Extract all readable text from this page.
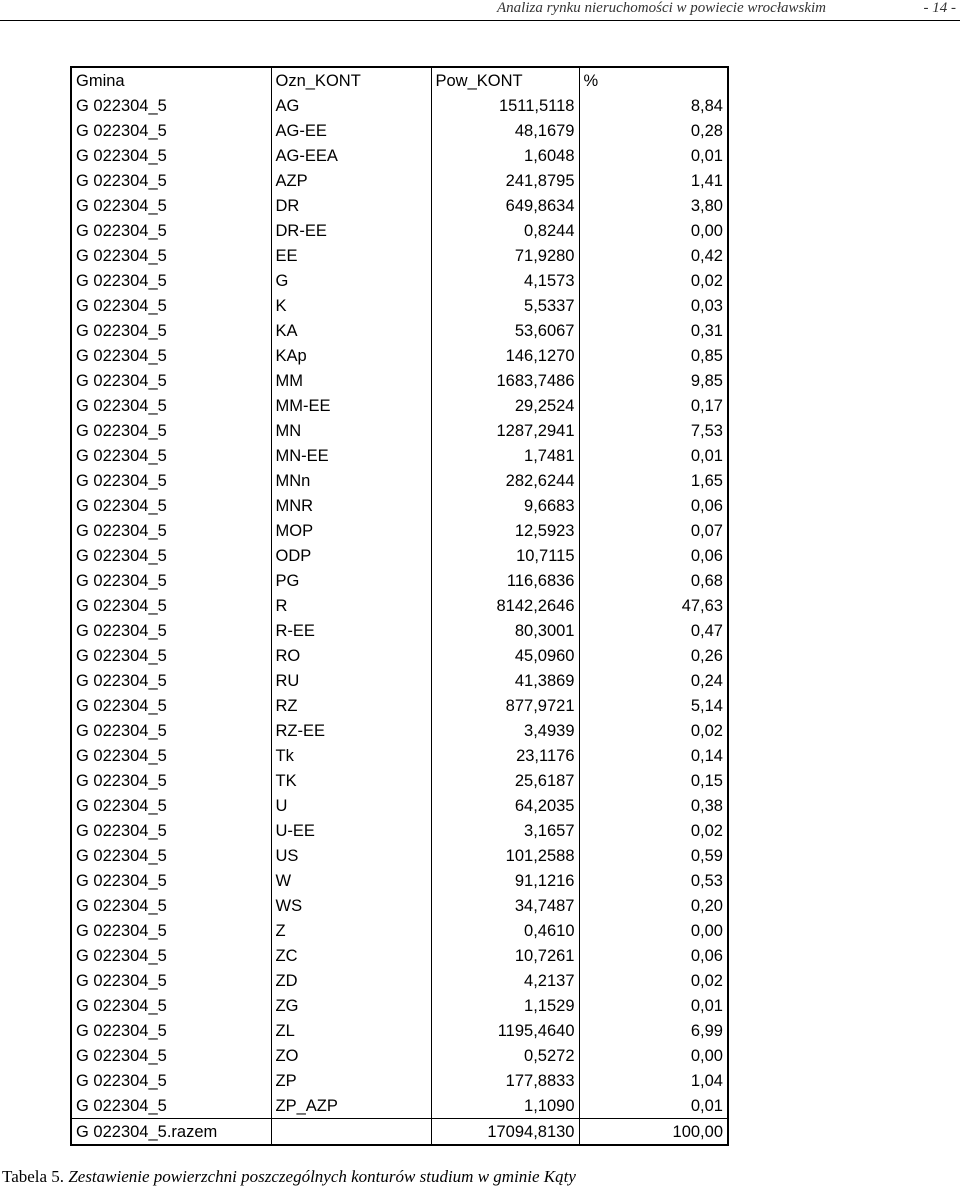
Analiza rynku nieruchomości w powiecie wrocławskim	- 14 -
Gmina	Ozn_KONT	Pow_KONT	%
G 022304_5	AG	1511,5118	8,84
G 022304_5	AG-EE	48,1679	0,28
G 022304_5	AG-EEA	1,6048	0,01
G 022304_5	AZP	241,8795	1,41
G 022304_5	DR	649,8634	3,80
G 022304_5	DR-EE	0,8244	0,00
G 022304_5	EE	71,9280	0,42
G 022304_5	G	4,1573	0,02
G 022304_5	K	5,5337	0,03
G 022304_5	KA	53,6067	0,31
G 022304_5	KAp	146,1270	0,85
G 022304_5	MM	1683,7486	9,85
G 022304_5	MM-EE	29,2524	0,17
G 022304_5	MN	1287,2941	7,53
G 022304_5	MN-EE	1,7481	0,01
G 022304_5	MNn	282,6244	1,65
G 022304_5	MNR	9,6683	0,06
G 022304_5	MOP	12,5923	0,07
G 022304_5	ODP	10,7115	0,06
G 022304_5	PG	116,6836	0,68
G 022304_5	R	8142,2646	47,63
G 022304_5	R-EE	80,3001	0,47
G 022304_5	RO	45,0960	0,26
G 022304_5	RU	41,3869	0,24
G 022304_5	RZ	877,9721	5,14
G 022304_5	RZ-EE	3,4939	0,02
G 022304_5	Tk	23,1176	0,14
G 022304_5	TK	25,6187	0,15
G 022304_5	U	64,2035	0,38
G 022304_5	U-EE	3,1657	0,02
G 022304_5	US	101,2588	0,59
G 022304_5	W	91,1216	0,53
G 022304_5	WS	34,7487	0,20
G 022304_5	Z	0,4610	0,00
G 022304_5	ZC	10,7261	0,06
G 022304_5	ZD	4,2137	0,02
G 022304_5	ZG	1,1529	0,01
G 022304_5	ZL	1195,4640	6,99
G 022304_5	ZO	0,5272	0,00
G 022304_5	ZP	177,8833	1,04
G 022304_5	ZP_AZP	1,1090	0,01
G 022304_5.razem		17094,8130	100,00
Tabela 5. Zestawienie powierzchni poszczególnych konturów studium w gminie Kąty
